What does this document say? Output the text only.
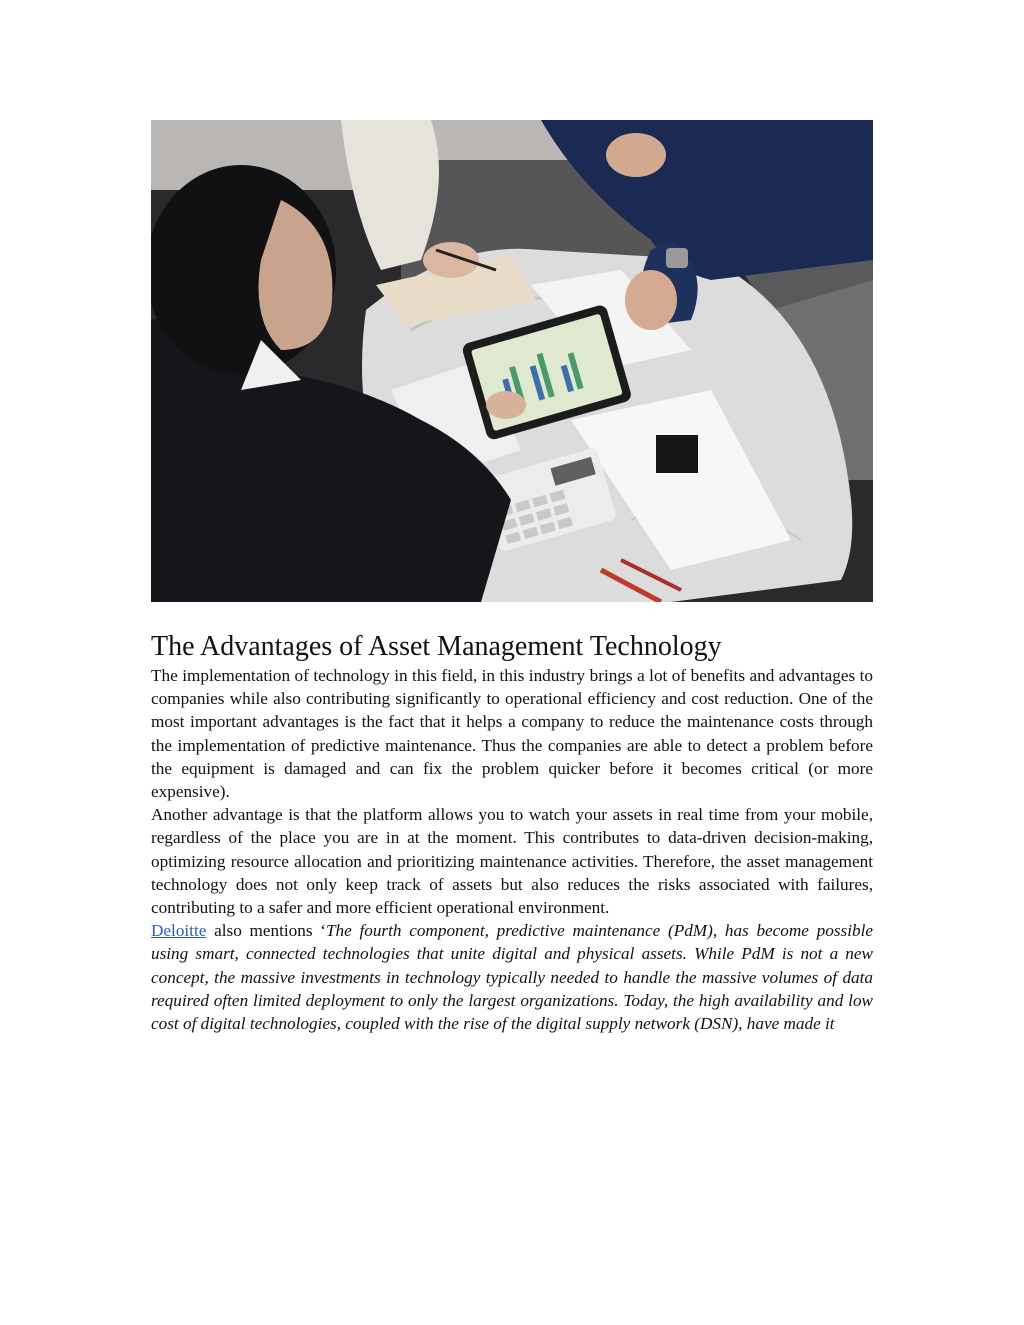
The Advantages of Asset Management Technology

The implementation of technology in this field, in this industry brings a lot of benefits and advantages to companies while also contributing significantly to operational efficiency and cost reduction. One of the most important advantages is the fact that it helps a company to reduce the maintenance costs through the implementation of predictive maintenance. Thus the companies are able to detect a problem before the equipment is damaged and can fix the problem quicker before it becomes critical (or more expensive).

Another advantage is that the platform allows you to watch your assets in real time from your mobile, regardless of the place you are in at the moment. This contributes to data-driven decision-making, optimizing resource allocation and prioritizing maintenance activities. Therefore, the asset management technology does not only keep track of assets but also reduces the risks associated with failures, contributing to a safer and more efficient operational environment.

Deloitte also mentions ‘The fourth component, predictive maintenance (PdM), has become possible using smart, connected technologies that unite digital and physical assets. While PdM is not a new concept, the massive investments in technology typically needed to handle the massive volumes of data required often limited deployment to only the largest organizations. Today, the high availability and low cost of digital technologies, coupled with the rise of the digital supply network (DSN), have made it
